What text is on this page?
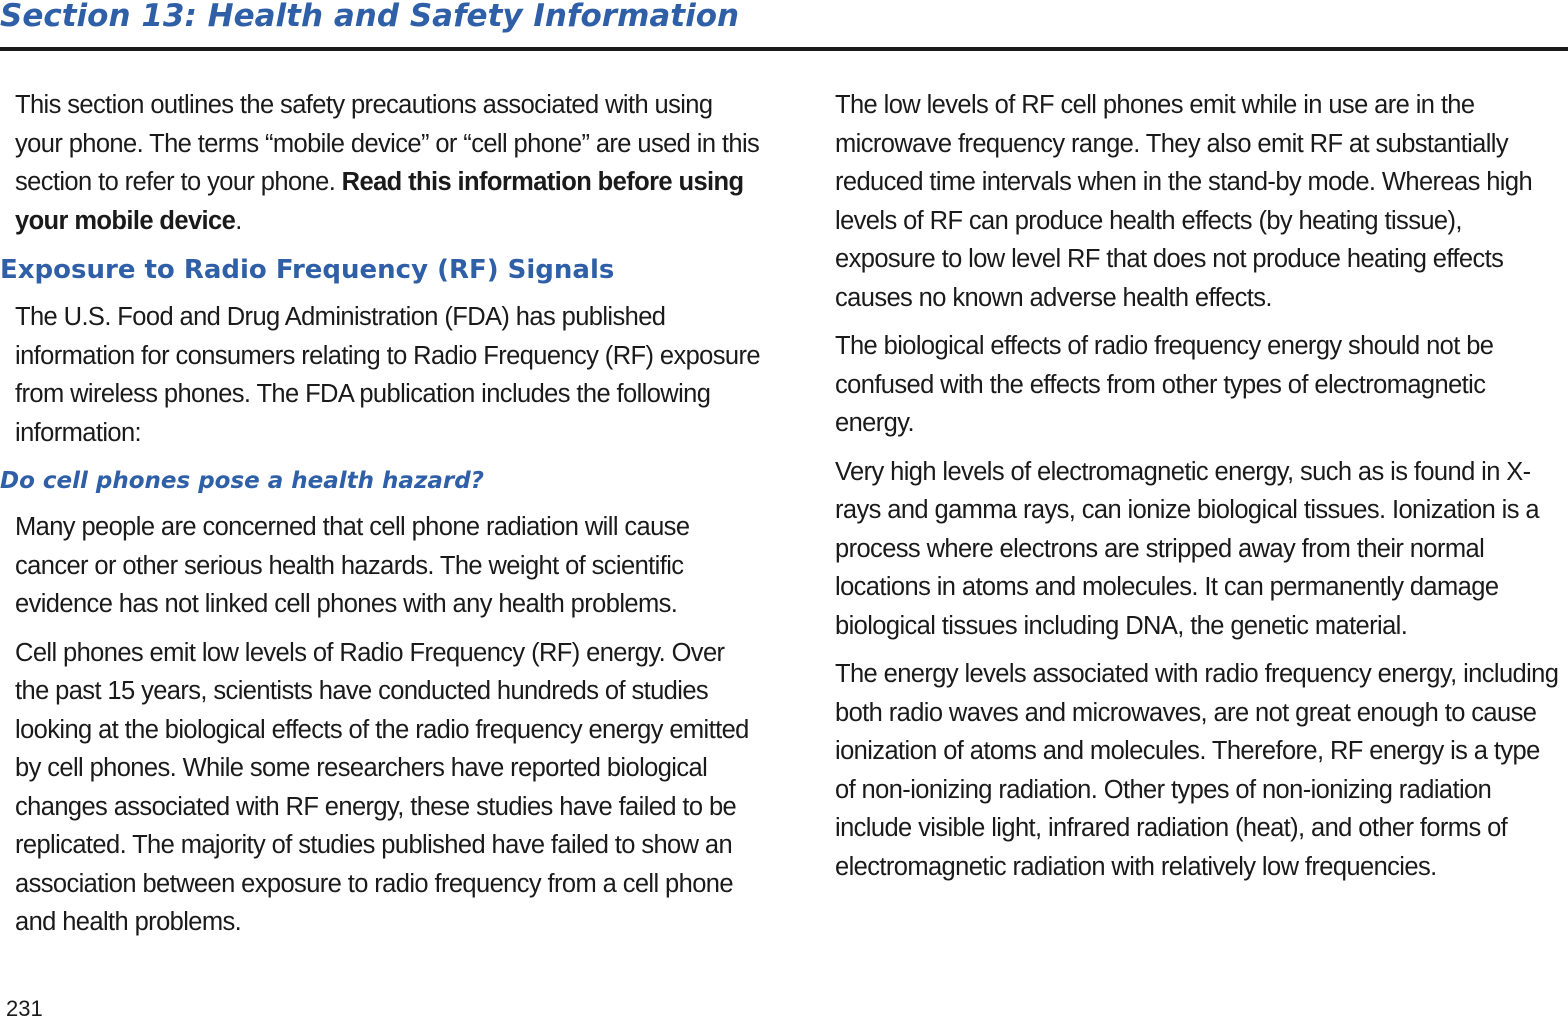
Section 13: Health and Safety Information

This section outlines the safety precautions associated with using your phone. The terms “mobile device” or “cell phone” are used in this section to refer to your phone. Read this information before using your mobile device.

Exposure to Radio Frequency (RF) Signals

The U.S. Food and Drug Administration (FDA) has published information for consumers relating to Radio Frequency (RF) exposure from wireless phones. The FDA publication includes the following information:

Do cell phones pose a health hazard?

Many people are concerned that cell phone radiation will cause cancer or other serious health hazards. The weight of scientific evidence has not linked cell phones with any health problems.

Cell phones emit low levels of Radio Frequency (RF) energy. Over the past 15 years, scientists have conducted hundreds of studies looking at the biological effects of the radio frequency energy emitted by cell phones. While some researchers have reported biological changes associated with RF energy, these studies have failed to be replicated. The majority of studies published have failed to show an association between exposure to radio frequency from a cell phone and health problems.

The low levels of RF cell phones emit while in use are in the microwave frequency range. They also emit RF at substantially reduced time intervals when in the stand-by mode. Whereas high levels of RF can produce health effects (by heating tissue), exposure to low level RF that does not produce heating effects causes no known adverse health effects.

The biological effects of radio frequency energy should not be confused with the effects from other types of electromagnetic energy.

Very high levels of electromagnetic energy, such as is found in X-rays and gamma rays, can ionize biological tissues. Ionization is a process where electrons are stripped away from their normal locations in atoms and molecules. It can permanently damage biological tissues including DNA, the genetic material.

The energy levels associated with radio frequency energy, including both radio waves and microwaves, are not great enough to cause ionization of atoms and molecules. Therefore, RF energy is a type of non-ionizing radiation. Other types of non-ionizing radiation include visible light, infrared radiation (heat), and other forms of electromagnetic radiation with relatively low frequencies.

231
